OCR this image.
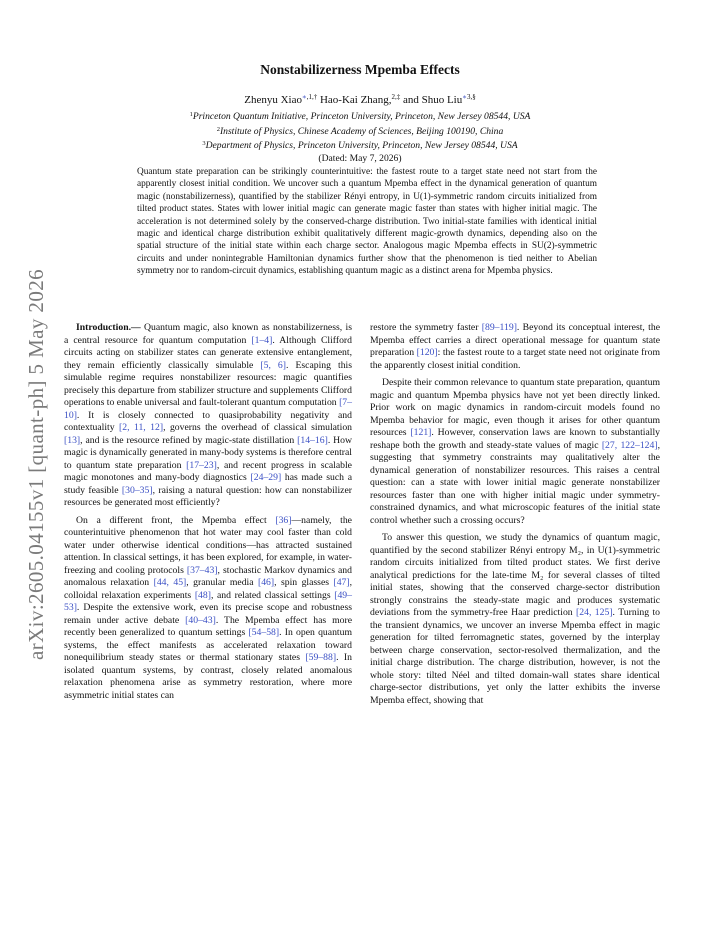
arXiv:2605.04155v1 [quant-ph] 5 May 2026
Nonstabilizerness Mpemba Effects
Zhenyu Xiao$^{∗,1,\dagger}$ Hao-Kai Zhang,$^{2,\ddagger}$ and Shuo Liu$^{∗3,\S}$
$^1$Princeton Quantum Initiative, Princeton University, Princeton, New Jersey 08544, USA
$^2$Institute of Physics, Chinese Academy of Sciences, Beijing 100190, China
$^3$Department of Physics, Princeton University, Princeton, New Jersey 08544, USA
(Dated: May 7, 2026)
Quantum state preparation can be strikingly counterintuitive: the fastest route to a target state need not start from the apparently closest initial condition. We uncover such a quantum Mpemba effect in the dynamical generation of quantum magic (nonstabilizerness), quantified by the stabilizer Rényi entropy, in U(1)-symmetric random circuits initialized from tilted product states. States with lower initial magic can generate magic faster than states with higher initial magic. The acceleration is not determined solely by the conserved-charge distribution. Two initial-state families with identical initial magic and identical charge distribution exhibit qualitatively different magic-growth dynamics, depending also on the spatial structure of the initial state within each charge sector. Analogous magic Mpemba effects in SU(2)-symmetric circuits and under nonintegrable Hamiltonian dynamics further show that the phenomenon is tied neither to Abelian symmetry nor to random-circuit dynamics, establishing quantum magic as a distinct arena for Mpemba physics.

Introduction.— Quantum magic, also known as nonstabilizerness, is a central resource for quantum computation [1–4]. Although Clifford circuits acting on stabilizer states can generate extensive entanglement, they remain efficiently classically simulable [5, 6]. Escaping this simulable regime requires nonstabilizer resources: magic quantifies precisely this departure from stabilizer structure and supplements Clifford operations to enable universal and fault-tolerant quantum computation [7–10]. It is closely connected to quasiprobability negativity and contextuality [2, 11, 12], governs the overhead of classical simulation [13], and is the resource refined by magic-state distillation [14–16]. How magic is dynamically generated in many-body systems is therefore central to quantum state preparation [17–23], and recent progress in scalable magic monotones and many-body diagnostics [24–29] has made such a study feasible [30–35], raising a natural question: how can nonstabilizer resources be generated most efficiently?

On a different front, the Mpemba effect [36]—namely, the counterintuitive phenomenon that hot water may cool faster than cold water under otherwise identical conditions—has attracted sustained attention. In classical settings, it has been explored, for example, in water-freezing and cooling protocols [37–43], stochastic Markov dynamics and anomalous relaxation [44, 45], granular media [46], spin glasses [47], colloidal relaxation experiments [48], and related classical settings [49–53]. Despite the extensive work, even its precise scope and robustness remain under active debate [40–43]. The Mpemba effect has more recently been generalized to quantum settings [54–58]. In open quantum systems, the effect manifests as accelerated relaxation toward nonequilibrium steady states or thermal stationary states [59–88]. In isolated quantum systems, by contrast, closely related anomalous relaxation phenomena arise as symmetry restoration, where more asymmetric initial states can

restore the symmetry faster [89–119]. Beyond its conceptual interest, the Mpemba effect carries a direct operational message for quantum state preparation [120]: the fastest route to a target state need not originate from the apparently closest initial condition.

Despite their common relevance to quantum state preparation, quantum magic and quantum Mpemba physics have not yet been directly linked. Prior work on magic dynamics in random-circuit models found no Mpemba behavior for magic, even though it arises for other quantum resources [121]. However, conservation laws are known to substantially reshape both the growth and steady-state values of magic [27, 122–124], suggesting that symmetry constraints may qualitatively alter the dynamical generation of nonstabilizer resources. This raises a central question: can a state with lower initial magic generate nonstabilizer resources faster than one with higher initial magic under symmetry-constrained dynamics, and what microscopic features of the initial state control whether such a crossing occurs?

To answer this question, we study the dynamics of quantum magic, quantified by the second stabilizer Rényi entropy M₂, in U(1)-symmetric random circuits initialized from tilted product states. We first derive analytical predictions for the late-time M₂ for several classes of tilted initial states, showing that the conserved charge-sector distribution strongly constrains the steady-state magic and produces systematic deviations from the symmetry-free Haar prediction [24, 125]. Turning to the transient dynamics, we uncover an inverse Mpemba effect in magic generation for tilted ferromagnetic states, governed by the interplay between charge conservation, sector-resolved thermalization, and the initial charge distribution. The charge distribution, however, is not the whole story: tilted Néel and tilted domain-wall states share identical charge-sector distributions, yet only the latter exhibits the inverse Mpemba effect, showing that
